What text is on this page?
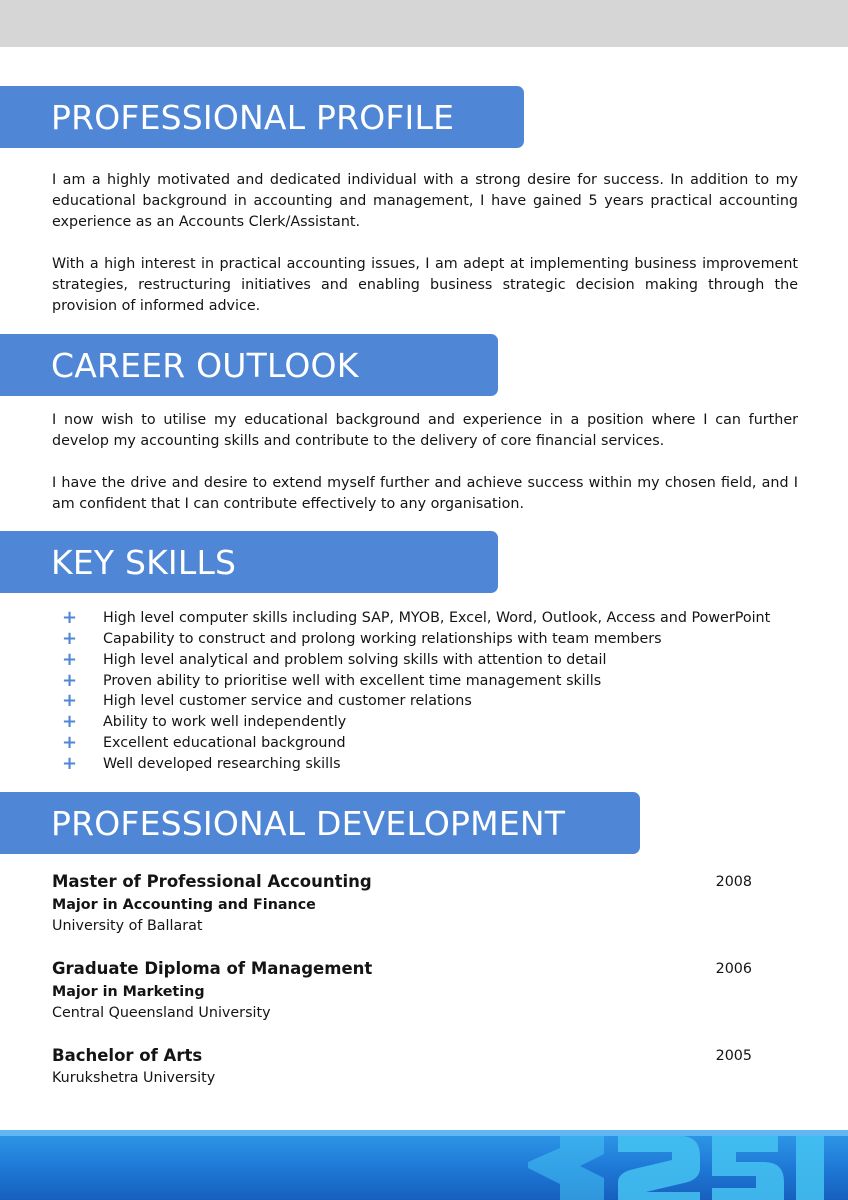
PROFESSIONAL PROFILE

I am a highly motivated and dedicated individual with a strong desire for success. In addition to my educational background in accounting and management, I have gained 5 years practical accounting experience as an Accounts Clerk/Assistant.

With a high interest in practical accounting issues, I am adept at implementing business improvement strategies, restructuring initiatives and enabling business strategic decision making through the provision of informed advice.

CAREER OUTLOOK

I now wish to utilise my educational background and experience in a position where I can further develop my accounting skills and contribute to the delivery of core financial services.

I have the drive and desire to extend myself further and achieve success within my chosen field, and I am confident that I can contribute effectively to any organisation.

KEY SKILLS
+ High level computer skills including SAP, MYOB, Excel, Word, Outlook, Access and PowerPoint
+ Capability to construct and prolong working relationships with team members
+ High level analytical and problem solving skills with attention to detail
+ Proven ability to prioritise well with excellent time management skills
+ High level customer service and customer relations
+ Ability to work well independently
+ Excellent educational background
+ Well developed researching skills
PROFESSIONAL DEVELOPMENT
Master of Professional Accounting	2008
Major in Accounting and Finance
University of Ballarat
Graduate Diploma of Management	2006
Major in Marketing
Central Queensland University
Bachelor of Arts	2005
Kurukshetra University
